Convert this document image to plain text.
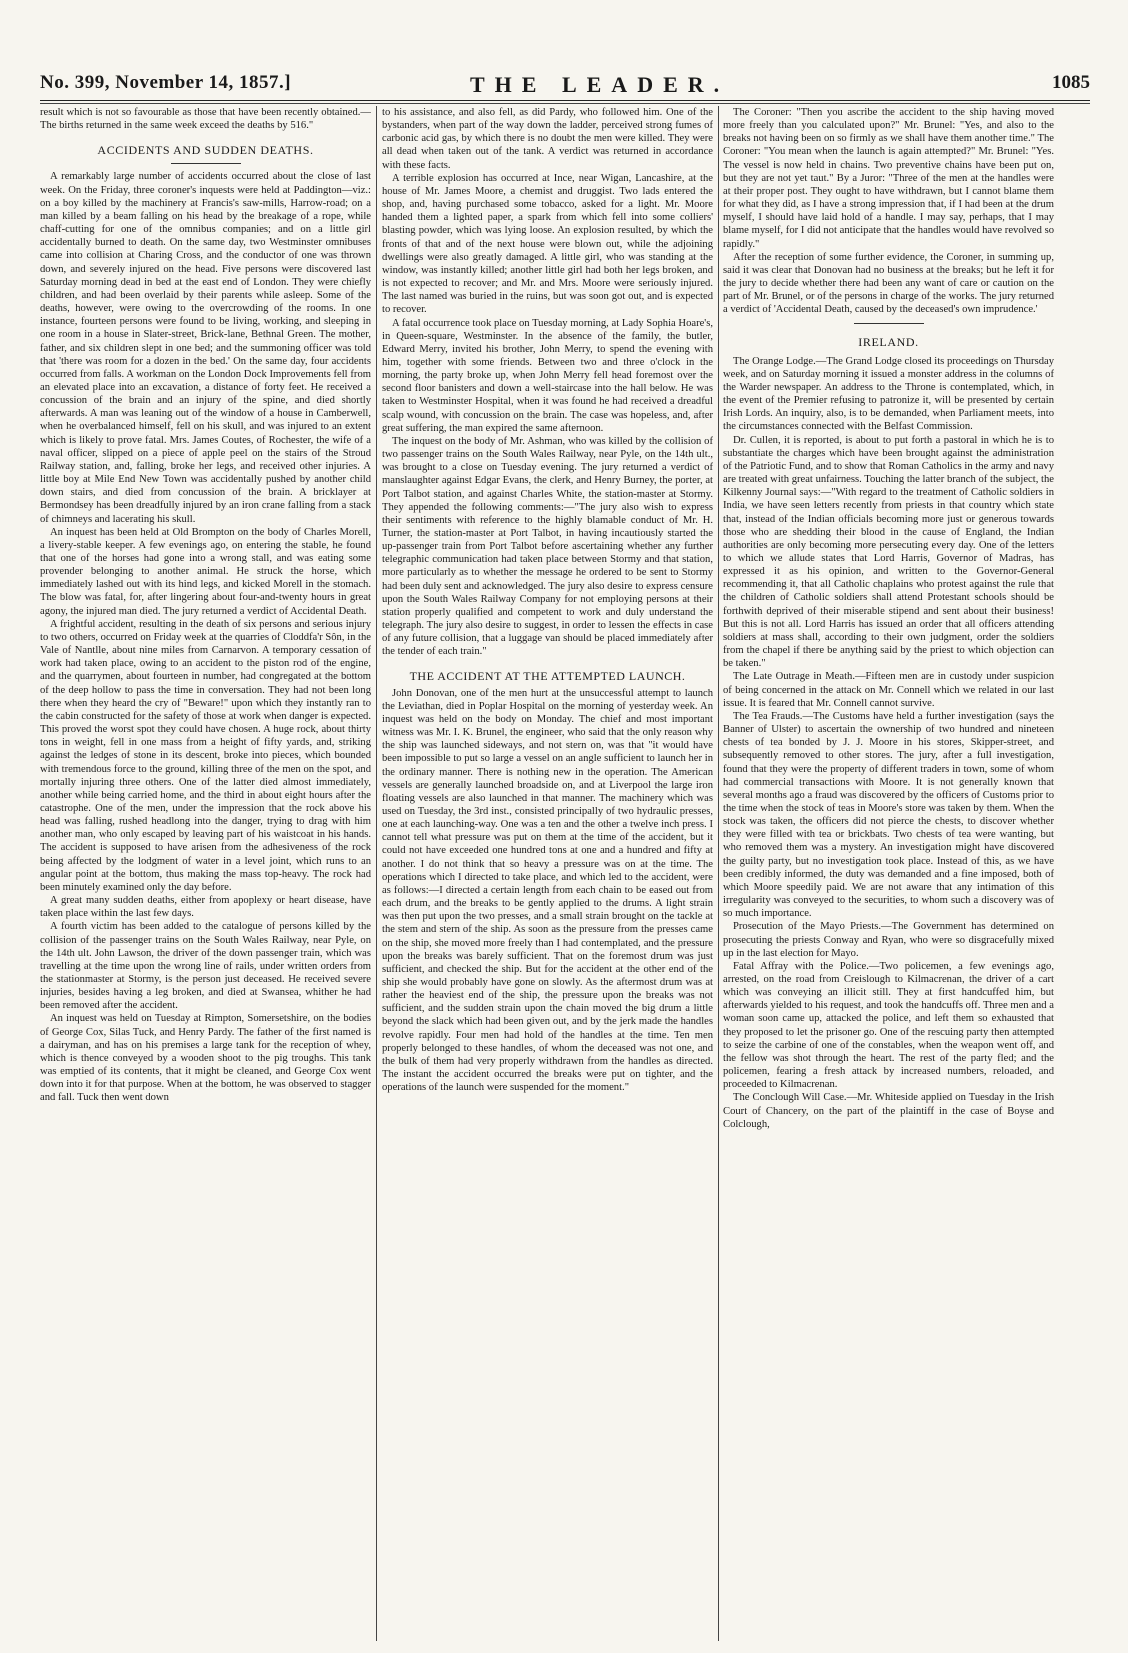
No. 399, November 14, 1857.]	THE LEADER.	1085

result which is not so favourable as those that have been recently obtained.—The births returned in the same week exceed the deaths by 516."

ACCIDENTS AND SUDDEN DEATHS.

A remarkably large number of accidents occurred about the close of last week. On the Friday, three coroner's inquests were held at Paddington—viz.: on a boy killed by the machinery at Francis's saw-mills, Harrow-road; on a man killed by a beam falling on his head by the breakage of a rope, while chaff-cutting for one of the omnibus companies; and on a little girl accidentally burned to death. On the same day, two Westminster omnibuses came into collision at Charing Cross, and the conductor of one was thrown down, and severely injured on the head. Five persons were discovered last Saturday morning dead in bed at the east end of London. They were chiefly children, and had been overlaid by their parents while asleep. Some of the deaths, however, were owing to the overcrowding of the rooms. In one instance, fourteen persons were found to be living, working, and sleeping in one room in a house in Slater-street, Brick-lane, Bethnal Green. The mother, father, and six children slept in one bed; and the summoning officer was told that 'there was room for a dozen in the bed.' On the same day, four accidents occurred from falls. A workman on the London Dock Improvements fell from an elevated place into an excavation, a distance of forty feet. He received a concussion of the brain and an injury of the spine, and died shortly afterwards. A man was leaning out of the window of a house in Camberwell, when he overbalanced himself, fell on his skull, and was injured to an extent which is likely to prove fatal. Mrs. James Coutes, of Rochester, the wife of a naval officer, slipped on a piece of apple peel on the stairs of the Stroud Railway station, and, falling, broke her legs, and received other injuries. A little boy at Mile End New Town was accidentally pushed by another child down stairs, and died from concussion of the brain. A bricklayer at Bermondsey has been dreadfully injured by an iron crane falling from a stack of chimneys and lacerating his skull.

An inquest has been held at Old Brompton on the body of Charles Morell, a livery-stable keeper. A few evenings ago, on entering the stable, he found that one of the horses had gone into a wrong stall, and was eating some provender belonging to another animal. He struck the horse, which immediately lashed out with its hind legs, and kicked Morell in the stomach. The blow was fatal, for, after lingering about four-and-twenty hours in great agony, the injured man died. The jury returned a verdict of Accidental Death.

A frightful accident, resulting in the death of six persons and serious injury to two others, occurred on Friday week at the quarries of Cloddfa'r Sôn, in the Vale of Nantlle, about nine miles from Carnarvon. A temporary cessation of work had taken place, owing to an accident to the piston rod of the engine, and the quarrymen, about fourteen in number, had congregated at the bottom of the deep hollow to pass the time in conversation. They had not been long there when they heard the cry of "Beware!" upon which they instantly ran to the cabin constructed for the safety of those at work when danger is expected. This proved the worst spot they could have chosen. A huge rock, about thirty tons in weight, fell in one mass from a height of fifty yards, and, striking against the ledges of stone in its descent, broke into pieces, which bounded with tremendous force to the ground, killing three of the men on the spot, and mortally injuring three others. One of the latter died almost immediately, another while being carried home, and the third in about eight hours after the catastrophe. One of the men, under the impression that the rock above his head was falling, rushed headlong into the danger, trying to drag with him another man, who only escaped by leaving part of his waistcoat in his hands. The accident is supposed to have arisen from the adhesiveness of the rock being affected by the lodgment of water in a level joint, which runs to an angular point at the bottom, thus making the mass top-heavy. The rock had been minutely examined only the day before.

A great many sudden deaths, either from apoplexy or heart disease, have taken place within the last few days.

A fourth victim has been added to the catalogue of persons killed by the collision of the passenger trains on the South Wales Railway, near Pyle, on the 14th ult. John Lawson, the driver of the down passenger train, which was travelling at the time upon the wrong line of rails, under written orders from the stationmaster at Stormy, is the person just deceased. He received severe injuries, besides having a leg broken, and died at Swansea, whither he had been removed after the accident.

An inquest was held on Tuesday at Rimpton, Somersetshire, on the bodies of George Cox, Silas Tuck, and Henry Pardy. The father of the first named is a dairyman, and has on his premises a large tank for the reception of whey, which is thence conveyed by a wooden shoot to the pig troughs. This tank was emptied of its contents, that it might be cleaned, and George Cox went down into it for that purpose. When at the bottom, he was observed to stagger and fall. Tuck then went down

to his assistance, and also fell, as did Pardy, who followed him. One of the bystanders, when part of the way down the ladder, perceived strong fumes of carbonic acid gas, by which there is no doubt the men were killed. They were all dead when taken out of the tank. A verdict was returned in accordance with these facts.

A terrible explosion has occurred at Ince, near Wigan, Lancashire, at the house of Mr. James Moore, a chemist and druggist. Two lads entered the shop, and, having purchased some tobacco, asked for a light. Mr. Moore handed them a lighted paper, a spark from which fell into some colliers' blasting powder, which was lying loose. An explosion resulted, by which the fronts of that and of the next house were blown out, while the adjoining dwellings were also greatly damaged. A little girl, who was standing at the window, was instantly killed; another little girl had both her legs broken, and is not expected to recover; and Mr. and Mrs. Moore were seriously injured. The last named was buried in the ruins, but was soon got out, and is expected to recover.

A fatal occurrence took place on Tuesday morning, at Lady Sophia Hoare's, in Queen-square, Westminster. In the absence of the family, the butler, Edward Merry, invited his brother, John Merry, to spend the evening with him, together with some friends. Between two and three o'clock in the morning, the party broke up, when John Merry fell head foremost over the second floor banisters and down a well-staircase into the hall below. He was taken to Westminster Hospital, when it was found he had received a dreadful scalp wound, with concussion on the brain. The case was hopeless, and, after great suffering, the man expired the same afternoon.

The inquest on the body of Mr. Ashman, who was killed by the collision of two passenger trains on the South Wales Railway, near Pyle, on the 14th ult., was brought to a close on Tuesday evening. The jury returned a verdict of manslaughter against Edgar Evans, the clerk, and Henry Burney, the porter, at Port Talbot station, and against Charles White, the station-master at Stormy. They appended the following comments:—"The jury also wish to express their sentiments with reference to the highly blamable conduct of Mr. H. Turner, the station-master at Port Talbot, in having incautiously started the up-passenger train from Port Talbot before ascertaining whether any further telegraphic communication had taken place between Stormy and that station, more particularly as to whether the message he ordered to be sent to Stormy had been duly sent and acknowledged. The jury also desire to express censure upon the South Wales Railway Company for not employing persons at their station properly qualified and competent to work and duly understand the telegraph. The jury also desire to suggest, in order to lessen the effects in case of any future collision, that a luggage van should be placed immediately after the tender of each train."

THE ACCIDENT AT THE ATTEMPTED LAUNCH.

John Donovan, one of the men hurt at the unsuccessful attempt to launch the Leviathan, died in Poplar Hospital on the morning of yesterday week. An inquest was held on the body on Monday. The chief and most important witness was Mr. I. K. Brunel, the engineer, who said that the only reason why the ship was launched sideways, and not stern on, was that "it would have been impossible to put so large a vessel on an angle sufficient to launch her in the ordinary manner. There is nothing new in the operation. The American vessels are generally launched broadside on, and at Liverpool the large iron floating vessels are also launched in that manner. The machinery which was used on Tuesday, the 3rd inst., consisted principally of two hydraulic presses, one at each launching-way. One was a ten and the other a twelve inch press. I cannot tell what pressure was put on them at the time of the accident, but it could not have exceeded one hundred tons at one and a hundred and fifty at another. I do not think that so heavy a pressure was on at the time. The operations which I directed to take place, and which led to the accident, were as follows:—I directed a certain length from each chain to be eased out from each drum, and the breaks to be gently applied to the drums. A light strain was then put upon the two presses, and a small strain brought on the tackle at the stem and stern of the ship. As soon as the pressure from the presses came on the ship, she moved more freely than I had contemplated, and the pressure upon the breaks was barely sufficient. That on the foremost drum was just sufficient, and checked the ship. But for the accident at the other end of the ship she would probably have gone on slowly. As the aftermost drum was at rather the heaviest end of the ship, the pressure upon the breaks was not sufficient, and the sudden strain upon the chain moved the big drum a little beyond the slack which had been given out, and by the jerk made the handles revolve rapidly. Four men had hold of the handles at the time. Ten men properly belonged to these handles, of whom the deceased was not one, and the bulk of them had very properly withdrawn from the handles as directed. The instant the accident occurred the breaks were put on tighter, and the operations of the launch were suspended for the moment."

The Coroner: "Then you ascribe the accident to the ship having moved more freely than you calculated upon?" Mr. Brunel: "Yes, and also to the breaks not having been on so firmly as we shall have them another time." The Coroner: "You mean when the launch is again attempted?" Mr. Brunel: "Yes. The vessel is now held in chains. Two preventive chains have been put on, but they are not yet taut." By a Juror: "Three of the men at the handles were at their proper post. They ought to have withdrawn, but I cannot blame them for what they did, as I have a strong impression that, if I had been at the drum myself, I should have laid hold of a handle. I may say, perhaps, that I may blame myself, for I did not anticipate that the handles would have revolved so rapidly."

After the reception of some further evidence, the Coroner, in summing up, said it was clear that Donovan had no business at the breaks; but he left it for the jury to decide whether there had been any want of care or caution on the part of Mr. Brunel, or of the persons in charge of the works. The jury returned a verdict of 'Accidental Death, caused by the deceased's own imprudence.'

IRELAND.

The Orange Lodge.—The Grand Lodge closed its proceedings on Thursday week, and on Saturday morning it issued a monster address in the columns of the Warder newspaper. An address to the Throne is contemplated, which, in the event of the Premier refusing to patronize it, will be presented by certain Irish Lords. An inquiry, also, is to be demanded, when Parliament meets, into the circumstances connected with the Belfast Commission.

Dr. Cullen, it is reported, is about to put forth a pastoral in which he is to substantiate the charges which have been brought against the administration of the Patriotic Fund, and to show that Roman Catholics in the army and navy are treated with great unfairness. Touching the latter branch of the subject, the Kilkenny Journal says:—"With regard to the treatment of Catholic soldiers in India, we have seen letters recently from priests in that country which state that, instead of the Indian officials becoming more just or generous towards those who are shedding their blood in the cause of England, the Indian authorities are only becoming more persecuting every day. One of the letters to which we allude states that Lord Harris, Governor of Madras, has expressed it as his opinion, and written to the Governor-General recommending it, that all Catholic chaplains who protest against the rule that the children of Catholic soldiers shall attend Protestant schools should be forthwith deprived of their miserable stipend and sent about their business! But this is not all. Lord Harris has issued an order that all officers attending soldiers at mass shall, according to their own judgment, order the soldiers from the chapel if there be anything said by the priest to which objection can be taken."

The Late Outrage in Meath.—Fifteen men are in custody under suspicion of being concerned in the attack on Mr. Connell which we related in our last issue. It is feared that Mr. Connell cannot survive.

The Tea Frauds.—The Customs have held a further investigation (says the Banner of Ulster) to ascertain the ownership of two hundred and nineteen chests of tea bonded by J. J. Moore in his stores, Skipper-street, and subsequently removed to other stores. The jury, after a full investigation, found that they were the property of different traders in town, some of whom had commercial transactions with Moore. It is not generally known that several months ago a fraud was discovered by the officers of Customs prior to the time when the stock of teas in Moore's store was taken by them. When the stock was taken, the officers did not pierce the chests, to discover whether they were filled with tea or brickbats. Two chests of tea were wanting, but who removed them was a mystery. An investigation might have discovered the guilty party, but no investigation took place. Instead of this, as we have been credibly informed, the duty was demanded and a fine imposed, both of which Moore speedily paid. We are not aware that any intimation of this irregularity was conveyed to the securities, to whom such a discovery was of so much importance.

Prosecution of the Mayo Priests.—The Government has determined on prosecuting the priests Conway and Ryan, who were so disgracefully mixed up in the last election for Mayo.

Fatal Affray with the Police.—Two policemen, a few evenings ago, arrested, on the road from Creislough to Kilmacrenan, the driver of a cart which was conveying an illicit still. They at first handcuffed him, but afterwards yielded to his request, and took the handcuffs off. Three men and a woman soon came up, attacked the police, and left them so exhausted that they proposed to let the prisoner go. One of the rescuing party then attempted to seize the carbine of one of the constables, when the weapon went off, and the fellow was shot through the heart. The rest of the party fled; and the policemen, fearing a fresh attack by increased numbers, reloaded, and proceeded to Kilmacrenan.

The Conclough Will Case.—Mr. Whiteside applied on Tuesday in the Irish Court of Chancery, on the part of the plaintiff in the case of Boyse and Colclough,
